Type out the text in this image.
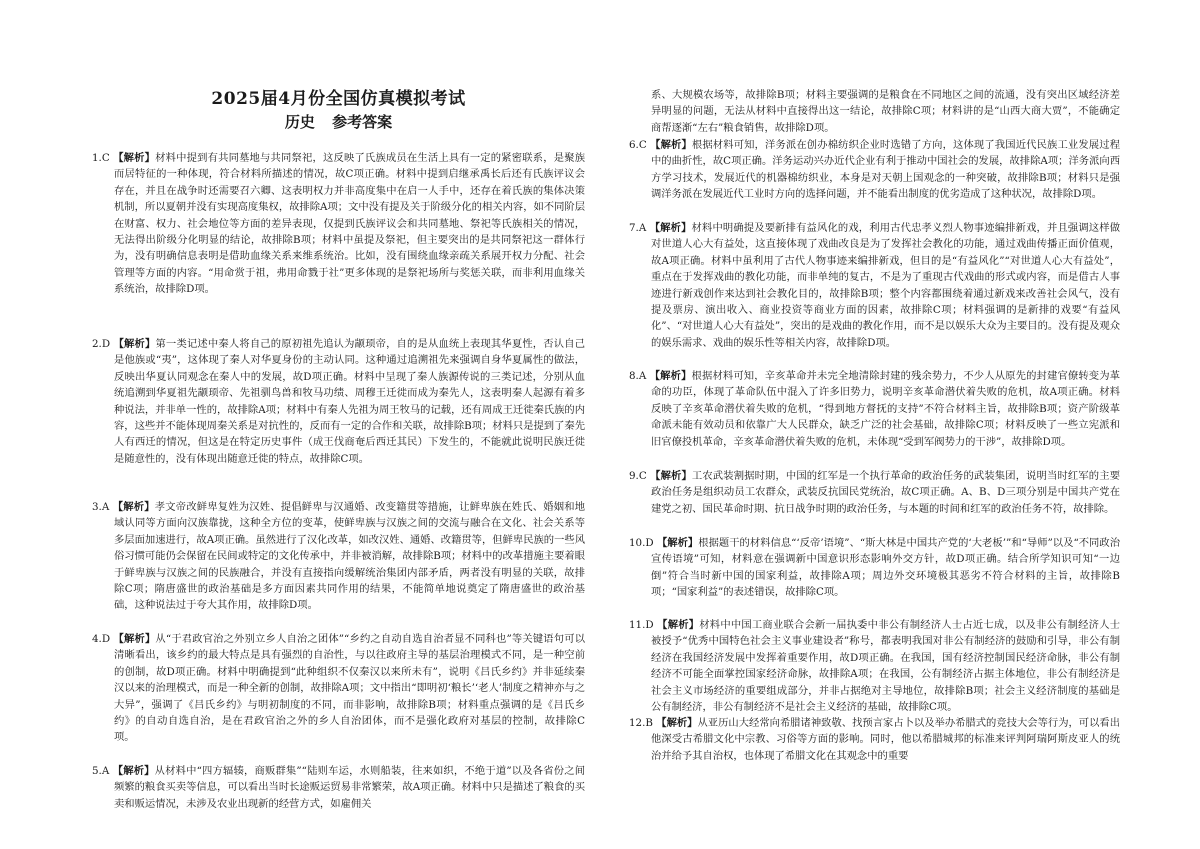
2025届4月份全国仿真模拟考试
历史 参考答案
1.C 【解析】材料中提到有共同墓地与共同祭祀，这反映了氏族成员在生活上具有一定的紧密联系，是聚族而居特征的一种体现，符合材料所描述的情况，故C项正确。材料中提到启继承禹长后还有氏族评议会存在，并且在战争时还需要召六卿、这表明权力并非高度集中在启一人手中，还存在着氏族的集体决策机制，所以夏朝并没有实现高度集权，故排除A项；文中没有提及关于阶级分化的相关内容，如不同阶层在财富、权力、社会地位等方面的差异表现，仅提到氏族评议会和共同墓地、祭祀等氏族相关的情况，无法得出阶级分化明显的结论，故排除B项；材料中虽提及祭祀，但主要突出的是共同祭祀这一群体行为，没有明确信息表明是借助血缘关系来维系统治。比如，没有围绕血缘亲疏关系展开权力分配、社会管理等方面的内容。“用命赏于祖，弗用命戮于社”更多体现的是祭祀场所与奖惩关联，而非利用血缘关系统治，故排除D项。
2.D 【解析】第一类记述中秦人将自己的原初祖先追认为颛顼帝，自的是从血统上表现其华夏性，否认自己是他族或“夷”，这体现了秦人对华夏身份的主动认同。这种通过追溯祖先来强调自身华夏属性的做法，反映出华夏认同观念在秦人中的发展，故D项正确。材料中呈现了秦人族源传说的三类记述，分别从血统追溯到华夏祖先颛顼帝、先祖驯鸟兽和牧马功绩、周穆王迁徙而成为秦先人，这表明秦人起源有着多种说法，并非单一性的，故排除A项；材料中有秦人先祖为周王牧马的记载，还有周成王迁徙秦氏族的内容，这些并不能体现周秦关系是对抗性的，反而有一定的合作和关联，故排除B项；材料只是提到了秦先人有西迁的情况，但这是在特定历史事件（成王伐商奄后西迁其民）下发生的，不能就此说明民族迁徙是随意性的，没有体现出随意迁徙的特点，故排除C项。
3.A 【解析】孝文帝改鲜卑复姓为汉姓、提倡鲜卑与汉通婚、改变籍贯等措施，让鲜卑族在姓氏、婚姻和地域认同等方面向汉族靠拢，这种全方位的变革，使鲜卑族与汉族之间的交流与融合在文化、社会关系等多层面加速进行，故A项正确。虽然进行了汉化改革，如改汉姓、通婚、改籍贯等，但鲜卑民族的一些风俗习惯可能仍会保留在民间或特定的文化传承中，并非被消解，故排除B项；材料中的改革措施主要着眼于鲜卑族与汉族之间的民族融合，并没有直接指向缓解统治集团内部矛盾，两者没有明显的关联，故排除C项；隋唐盛世的政治基础是多方面因素共同作用的结果，不能简单地说奠定了隋唐盛世的政治基础，这种说法过于夸大其作用，故排除D项。
4.D 【解析】从“于君政官治之外别立乡人自治之团体”“乡约之自动自选自治者显不同科也”等关键语句可以清晰看出，该乡约的最大特点是具有强烈的自治性，与以往政府主导的基层治理模式不同，是一种空前的创制，故D项正确。材料中明确提到“此种组织不仅秦汉以来所未有”，说明《吕氏乡约》并非延续秦汉以来的治理模式，而是一种全新的创制，故排除A项；文中指出“即明初‘粮长’‘老人’制度之精神亦与之大异”，强调了《吕氏乡约》与明初制度的不同，而非影响，故排除B项；材料重点强调的是《吕氏乡约》的自动自选自治，是在君政官治之外的乡人自治团体，而不是强化政府对基层的控制，故排除C项。
5.A 【解析】从材料中“四方辐辏，商贩群集”“陆则车运，水则船装，往来如织，不绝于道”以及各省份之间频繁的粮食买卖等信息，可以看出当时长途贩运贸易非常繁荣，故A项正确。材料中只是描述了粮食的买卖和贩运情况，未涉及农业出现新的经营方式，如雇佣关
系、大规模农场等，故排除B项；材料主要强调的是粮食在不同地区之间的流通，没有突出区域经济差异明显的问题，无法从材料中直接得出这一结论，故排除C项；材料讲的是“山西大商大贾”，不能确定商帮逐渐“左右”粮食销售，故排除D项。
6.C 【解析】根据材料可知，洋务派在创办棉纺织企业时选错了方向，这体现了我国近代民族工业发展过程中的曲折性，故C项正确。洋务运动兴办近代企业有利于推动中国社会的发展，故排除A项；洋务派向西方学习技术，发展近代的机器棉纺织业，本身是对天朝上国观念的一种突破，故排除B项；材料只是强调洋务派在发展近代工业时方向的选择问题，并不能看出制度的优劣造成了这种状况，故排除D项。
7.A 【解析】材料中明确提及要新排有益风化的戏，利用古代忠孝义烈人物事迹编排新戏，并且强调这样做对世道人心大有益处，这直接体现了戏曲改良是为了发挥社会教化的功能，通过戏曲传播正面价值观，故A项正确。材料中虽利用了古代人物事迹来编排新戏，但目的是“有益风化”“对世道人心大有益处”，重点在于发挥戏曲的教化功能，而非单纯的复古，不是为了重现古代戏曲的形式或内容，而是借古人事迹进行新戏创作来达到社会教化目的，故排除B项；整个内容都围绕着通过新戏来改善社会风气，没有提及票房、演出收入、商业投资等商业方面的因素，故排除C项；材料强调的是新排的戏要“有益风化”、“对世道人心大有益处”，突出的是戏曲的教化作用，而不是以娱乐大众为主要目的。没有提及观众的娱乐需求、戏曲的娱乐性等相关内容，故排除D项。
8.A 【解析】根据材料可知，辛亥革命并未完全地清除封建的残余势力，不少人从原先的封建官僚转变为革命的功臣，体现了革命队伍中混入了许多旧势力，说明辛亥革命潜伏着失败的危机，故A项正确。材料反映了辛亥革命潜伏着失败的危机，“得到地方督抚的支持”不符合材料主旨，故排除B项；资产阶级革命派未能有效动员和依靠广大人民群众，缺乏广泛的社会基础，故排除C项；材料反映了一些立宪派和旧官僚投机革命，辛亥革命潜伏着失败的危机，未体现“受到军阀势力的干涉”，故排除D项。
9.C 【解析】工农武装割据时期，中国的红军是一个执行革命的政治任务的武装集团，说明当时红军的主要政治任务是组织动员工农群众，武装反抗国民党统治，故C项正确。A、B、D三项分别是中国共产党在建党之初、国民革命时期、抗日战争时期的政治任务，与本题的时间和红军的政治任务不符，故排除。
10.D 【解析】根据题干的材料信息“‘反帝’语境”、“斯大林是中国共产党的‘大老板’”和“导师”以及“不同政治宣传语境”可知，材料意在强调新中国意识形态影响外交方针，故D项正确。结合所学知识可知“一边倒”符合当时新中国的国家利益，故排除A项；周边外交环境极其恶劣不符合材料的主旨，故排除B项；“国家利益”的表述错误，故排除C项。
11.D 【解析】材料中中国工商业联合会新一届执委中非公有制经济人士占近七成，以及非公有制经济人士被授予“优秀中国特色社会主义事业建设者”称号，都表明我国对非公有制经济的鼓励和引导，非公有制经济在我国经济发展中发挥着重要作用，故D项正确。在我国，国有经济控制国民经济命脉，非公有制经济不可能全面掌控国家经济命脉，故排除A项；在我国，公有制经济占据主体地位，非公有制经济是社会主义市场经济的重要组成部分，并非占据绝对主导地位，故排除B项；社会主义经济制度的基础是公有制经济，非公有制经济不是社会主义经济的基础，故排除C项。
12.B 【解析】从亚历山大经常向希腊诸神致敬、找预言家占卜以及举办希腊式的竞技大会等行为，可以看出他深受古希腊文化中宗教、习俗等方面的影响。同时，他以希腊城邦的标准来评判阿瑞阿斯皮亚人的统治并给予其自治权，也体现了希腊文化在其观念中的重要
